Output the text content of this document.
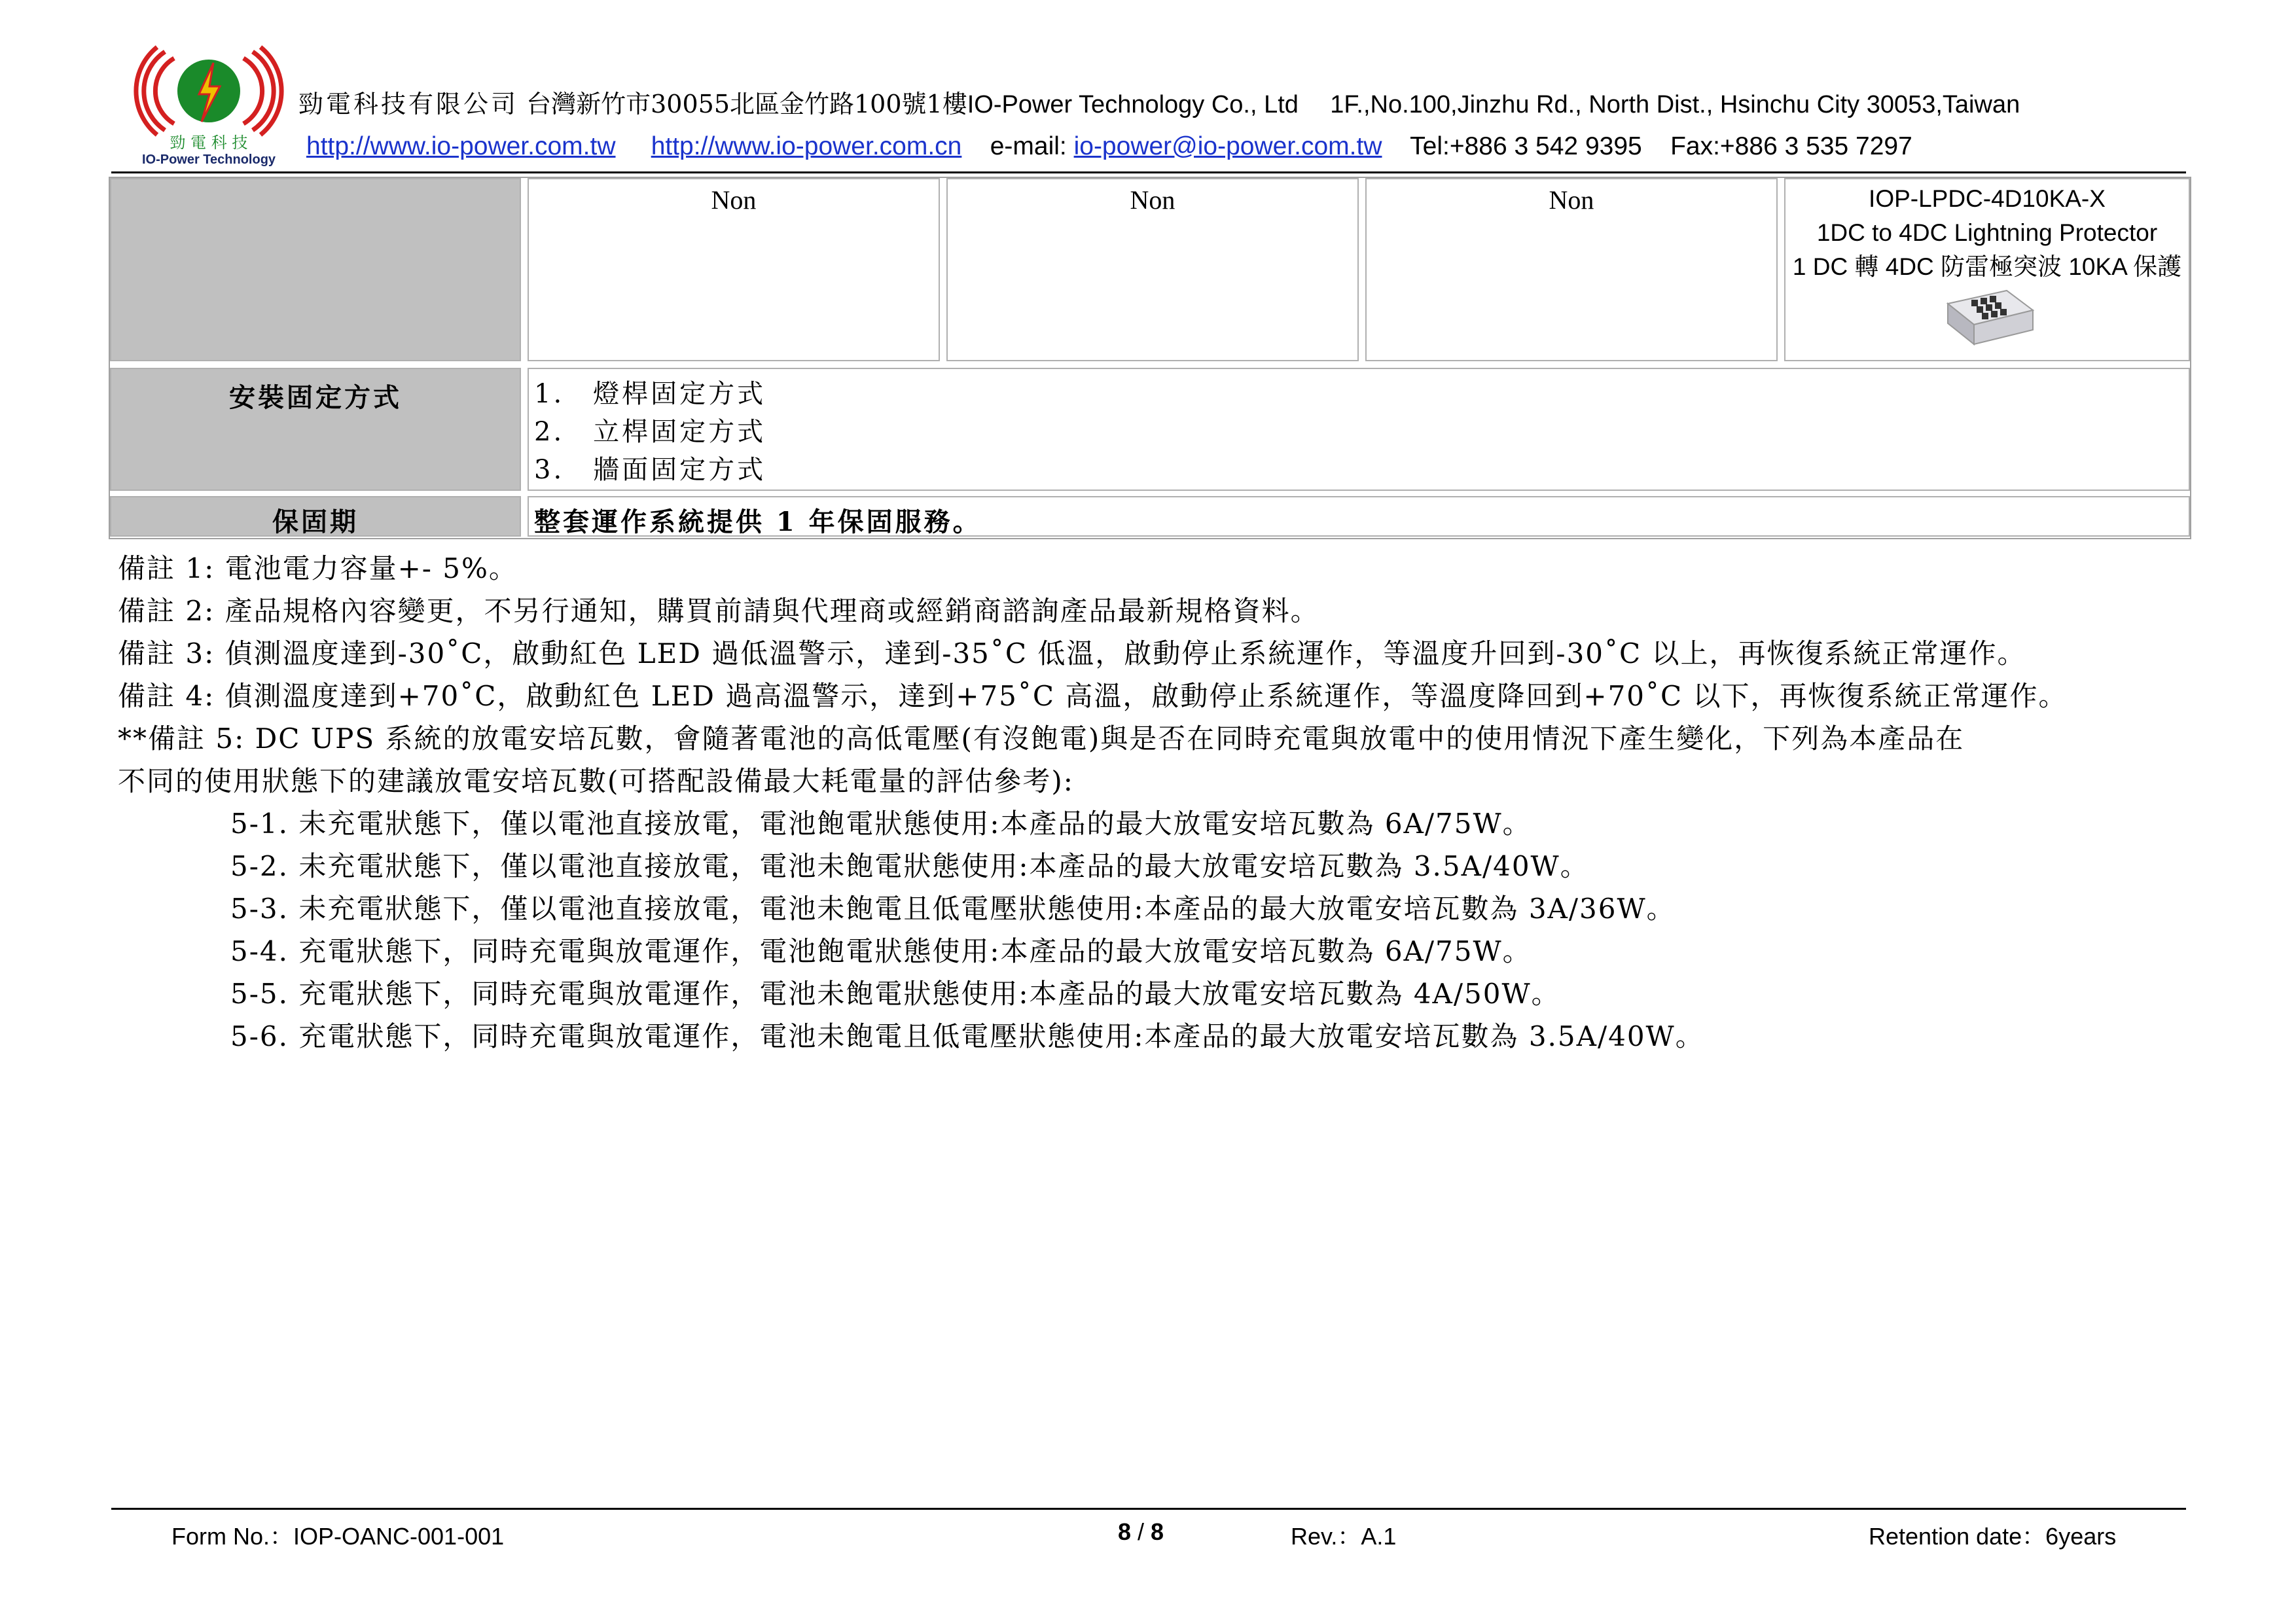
勁 電 科 技
IO-Power Technology
勁電科技有限公司 台灣新竹市30055北區金竹路100號1樓IO-Power Technology Co., Ltd 1F.,No.100,Jinzhu Rd., North Dist., Hsinchu City 30053,Taiwan
http://www.io-power.com.tw http://www.io-power.com.cn e-mail: io-power@io-power.com.tw Tel:+886 3 542 9395 Fax:+886 3 535 7297
Non	Non	Non	IOP-LPDC-4D10KA-X
1DC to 4DC Lightning Protector
1 DC 轉 4DC 防雷極突波 10KA 保護
安裝固定方式	1.　燈桿固定方式
2.　立桿固定方式
3.　牆面固定方式
保固期	整套運作系統提供 1 年保固服務。
備註 1: 電池電力容量+- 5%。
備註 2: 產品規格內容變更，不另行通知，購買前請與代理商或經銷商諮詢產品最新規格資料。
備註 3: 偵測溫度達到-30˚C，啟動紅色 LED 過低溫警示，達到-35˚C 低溫，啟動停止系統運作，等溫度升回到-30˚C 以上，再恢復系統正常運作。
備註 4: 偵測溫度達到+70˚C，啟動紅色 LED 過高溫警示，達到+75˚C 高溫，啟動停止系統運作，等溫度降回到+70˚C 以下，再恢復系統正常運作。
**備註 5: DC UPS 系統的放電安培瓦數，會隨著電池的高低電壓(有沒飽電)與是否在同時充電與放電中的使用情況下產生變化，下列為本產品在
不同的使用狀態下的建議放電安培瓦數(可搭配設備最大耗電量的評估參考):
5-1. 未充電狀態下，僅以電池直接放電，電池飽電狀態使用:本產品的最大放電安培瓦數為 6A/75W。
5-2. 未充電狀態下，僅以電池直接放電，電池未飽電狀態使用:本產品的最大放電安培瓦數為 3.5A/40W。
5-3. 未充電狀態下，僅以電池直接放電，電池未飽電且低電壓狀態使用:本產品的最大放電安培瓦數為 3A/36W。
5-4. 充電狀態下，同時充電與放電運作，電池飽電狀態使用:本產品的最大放電安培瓦數為 6A/75W。
5-5. 充電狀態下，同時充電與放電運作，電池未飽電狀態使用:本產品的最大放電安培瓦數為 4A/50W。
5-6. 充電狀態下，同時充電與放電運作，電池未飽電且低電壓狀態使用:本產品的最大放電安培瓦數為 3.5A/40W。
Form No.：IOP-OANC-001-001	8 / 8	Rev.：A.1	Retention date：6years
